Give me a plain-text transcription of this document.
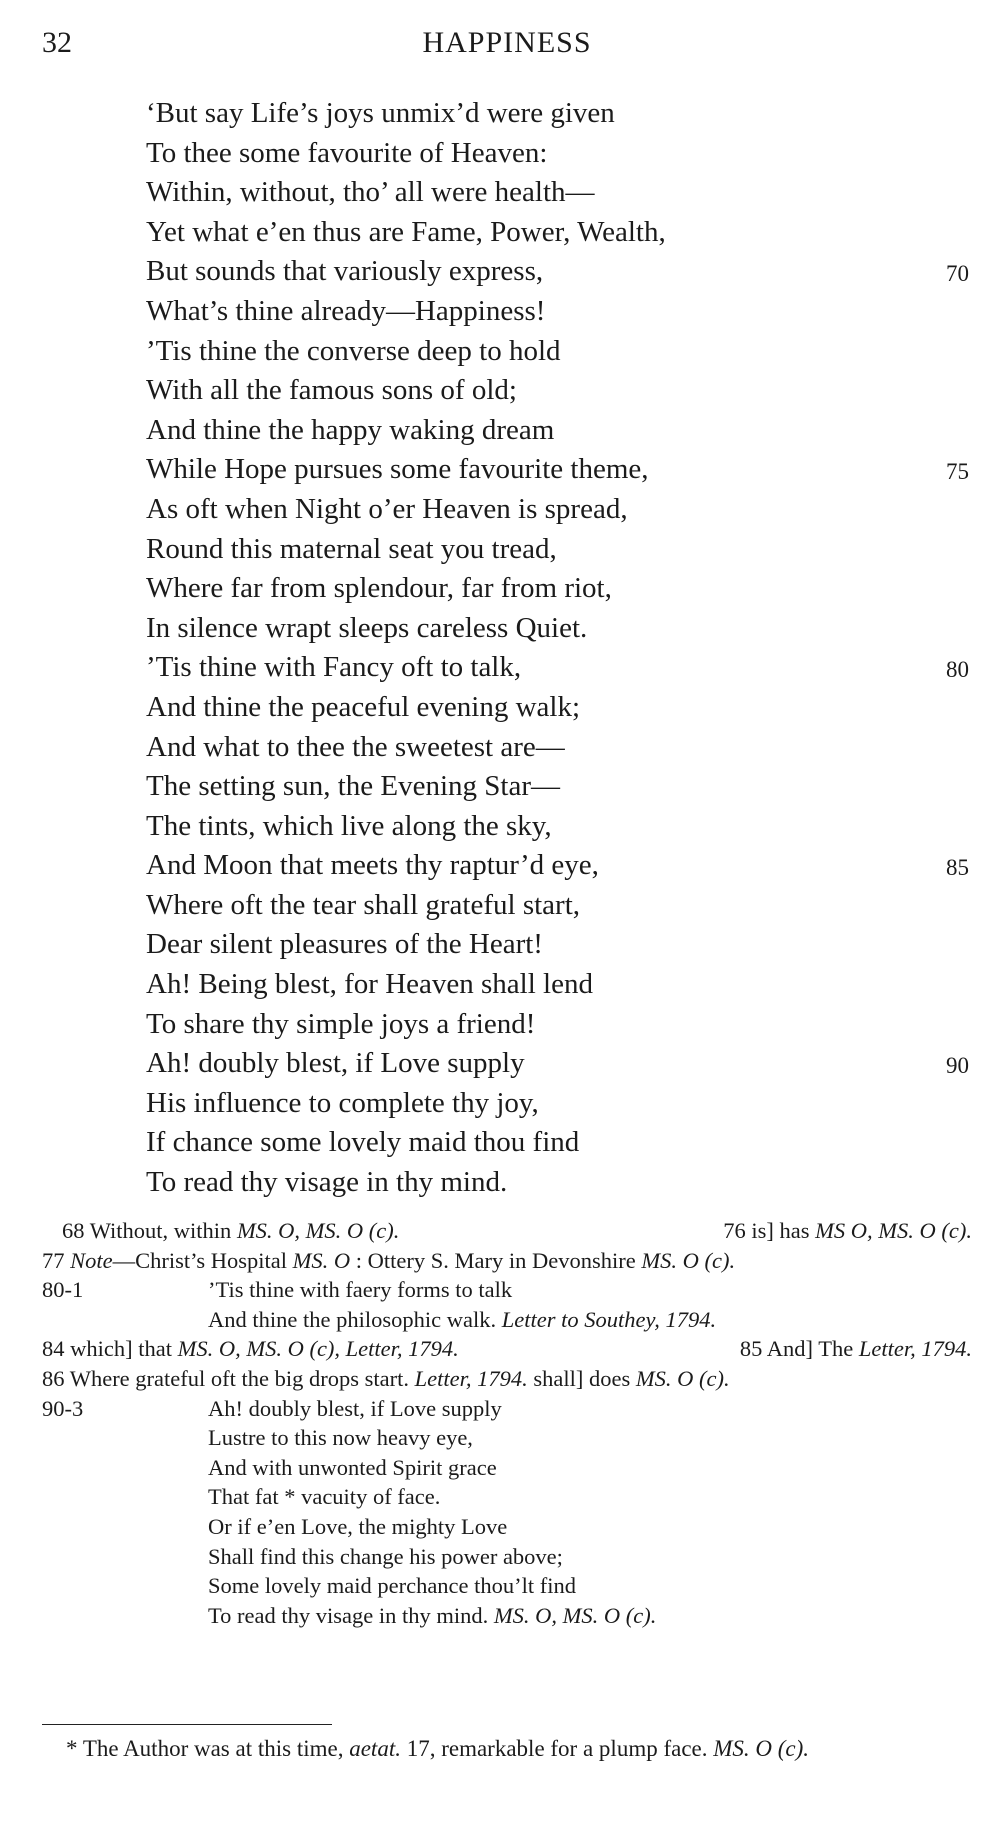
32	HAPPINESS
‘But say Life’s joys unmix’d were given
To thee some favourite of Heaven:
Within, without, tho’ all were health—
Yet what e’en thus are Fame, Power, Wealth,
But sounds that variously express,	70
What’s thine already—Happiness!
’Tis thine the converse deep to hold
With all the famous sons of old;
And thine the happy waking dream
While Hope pursues some favourite theme,	75
As oft when Night o’er Heaven is spread,
Round this maternal seat you tread,
Where far from splendour, far from riot,
In silence wrapt sleeps careless Quiet.
’Tis thine with Fancy oft to talk,	80
And thine the peaceful evening walk;
And what to thee the sweetest are—
The setting sun, the Evening Star—
The tints, which live along the sky,
And Moon that meets thy raptur’d eye,	85
Where oft the tear shall grateful start,
Dear silent pleasures of the Heart!
Ah! Being blest, for Heaven shall lend
To share thy simple joys a friend!
Ah! doubly blest, if Love supply	90
His influence to complete thy joy,
If chance some lovely maid thou find
To read thy visage in thy mind.
68 Without, within MS. O, MS. O (c).	76 is] has MS O, MS. O (c).
77 Note—Christ’s Hospital MS. O : Ottery S. Mary in Devonshire MS. O (c).
80-1	’Tis thine with faery forms to talk
And thine the philosophic walk. Letter to Southey, 1794.
84 which] that MS. O, MS. O (c), Letter, 1794.	85 And] The Letter, 1794.
86 Where grateful oft the big drops start. Letter, 1794. shall] does MS. O (c).
90-3	Ah! doubly blest, if Love supply
Lustre to this now heavy eye,
And with unwonted Spirit grace
That fat * vacuity of face.
Or if e’en Love, the mighty Love
Shall find this change his power above;
Some lovely maid perchance thou’lt find
To read thy visage in thy mind. MS. O, MS. O (c).
* The Author was at this time, aetat. 17, remarkable for a plump face. MS. O (c).
